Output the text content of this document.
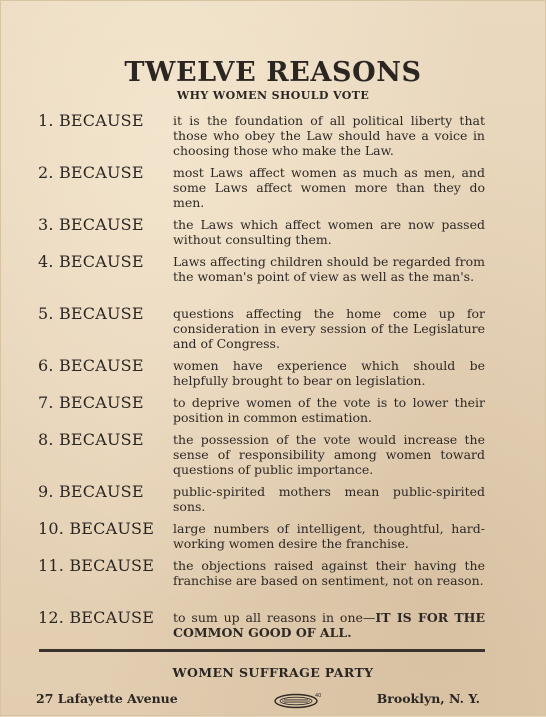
TWELVE REASONS
WHY WOMEN SHOULD VOTE
1. BECAUSE	it is the foundation of all political liberty that those who obey the Law should have a voice in choosing those who make the Law.
2. BECAUSE	most Laws affect women as much as men, and some Laws affect women more than they do men.
3. BECAUSE	the Laws which affect women are now passed without consulting them.
4. BECAUSE	Laws affecting children should be regarded from the woman's point of view as well as the man's.
5. BECAUSE	questions affecting the home come up for consideration in every session of the Legislature and of Congress.
6. BECAUSE	women have experience which should be helpfully brought to bear on legislation.
7. BECAUSE	to deprive women of the vote is to lower their position in common estimation.
8. BECAUSE	the possession of the vote would increase the sense of responsibility among women toward questions of public importance.
9. BECAUSE	public-spirited mothers mean public-spirited sons.
10. BECAUSE	large numbers of intelligent, thoughtful, hard-working women desire the franchise.
11. BECAUSE	the objections raised against their having the franchise are based on sentiment, not on reason.
12. BECAUSE	to sum up all reasons in one—IT IS FOR THE COMMON GOOD OF ALL.
WOMEN SUFFRAGE PARTY
27 Lafayette Avenue	40	Brooklyn, N. Y.
